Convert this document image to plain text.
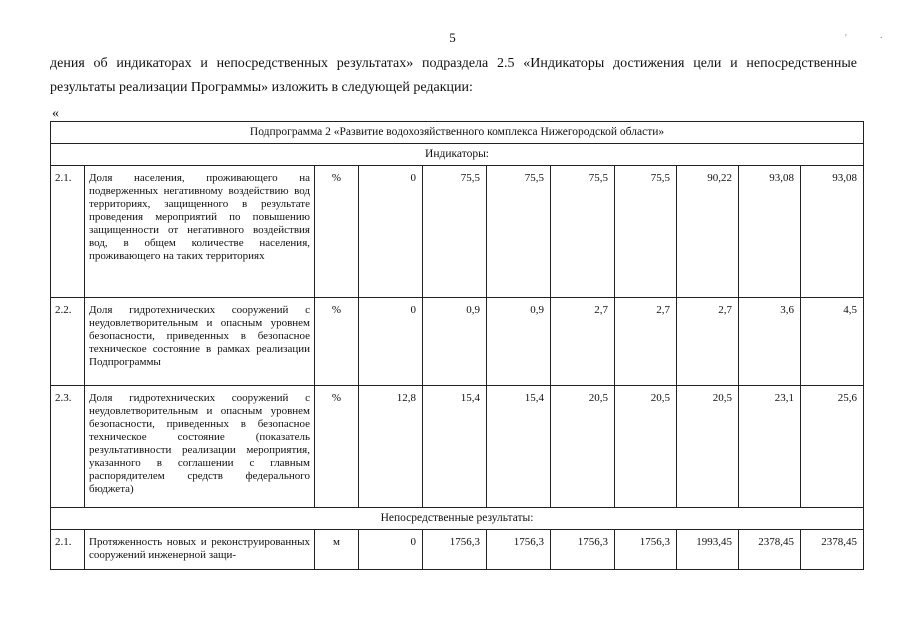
5
дения об индикаторах и непосредственных результатах» подраздела 2.5 «Индикаторы достижения цели и непосредственные результаты реализации Программы» изложить в следующей редакции:
«
'	.
Подпрограмма 2 «Развитие водохозяйственного комплекса Нижегородской области»										
Индикаторы:										
2.1.	Доля населения, проживающего на подверженных негативному воздействию вод территориях, защищенного в результате проведения мероприятий по повышению защищенности от негативного воздействия вод, в общем количестве населения, проживающего на таких территориях	%	0	75,5	75,5	75,5	75,5	90,22	93,08	93,08
2.2.	Доля гидротехнических сооружений с неудовлетворительным и опасным уровнем безопасности, приведенных в безопасное техническое состояние в рамках реализации Подпрограммы	%	0	0,9	0,9	2,7	2,7	2,7	3,6	4,5
2.3.	Доля гидротехнических сооружений с неудовлетворительным и опасным уровнем безопасности, приведенных в безопасное техническое состояние (показатель результативности реализации мероприятия, указанного в соглашении с главным распорядителем средств федерального бюджета)	%	12,8	15,4	15,4	20,5	20,5	20,5	23,1	25,6
Непосредственные результаты:										
2.1.	Протяженность новых и реконструированных сооружений инженерной защи-	м	0	1756,3	1756,3	1756,3	1756,3	1993,45	2378,45	2378,45
